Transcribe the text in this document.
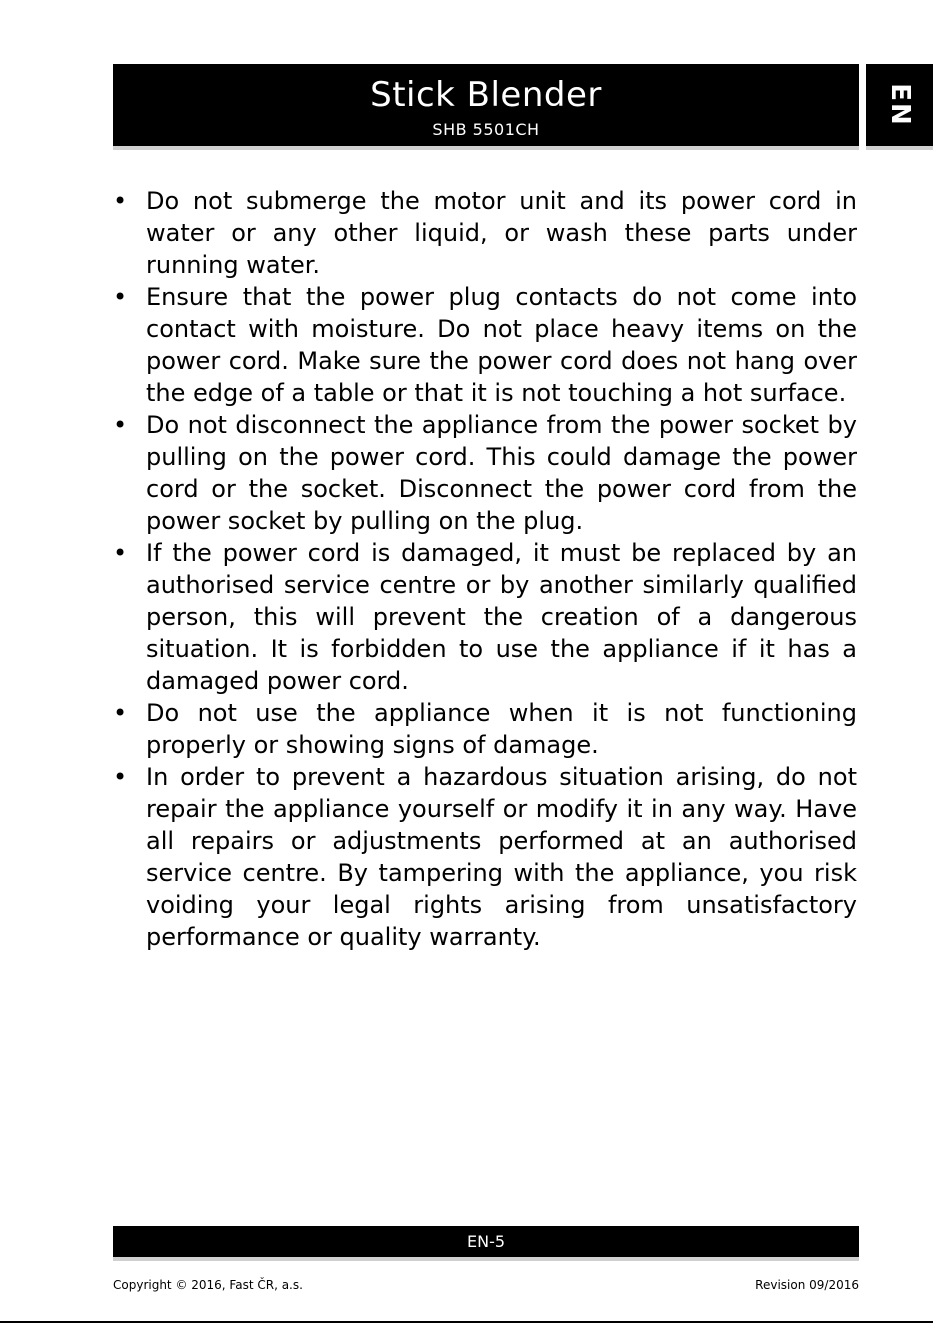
Stick Blender
SHB 5501CH
EN
• Do not submerge the motor unit and its power cord in water or any other liquid, or wash these parts under running water.
• Ensure that the power plug contacts do not come into contact with moisture. Do not place heavy items on the power cord. Make sure the power cord does not hang over the edge of a table or that it is not touching a hot surface.
• Do not disconnect the appliance from the power socket by pulling on the power cord. This could damage the power cord or the socket. Disconnect the power cord from the power socket by pulling on the plug.
• If the power cord is damaged, it must be replaced by an authorised service centre or by another similarly qualified person, this will prevent the creation of a dangerous situation. It is forbidden to use the appliance if it has a damaged power cord.
• Do not use the appliance when it is not functioning properly or showing signs of damage.
• In order to prevent a hazardous situation arising, do not repair the appliance yourself or modify it in any way. Have all repairs or adjustments performed at an authorised service centre. By tampering with the appliance, you risk voiding your legal rights arising from unsatisfactory performance or quality warranty.
EN-5
Copyright © 2016, Fast ČR, a.s.	Revision 09/2016
